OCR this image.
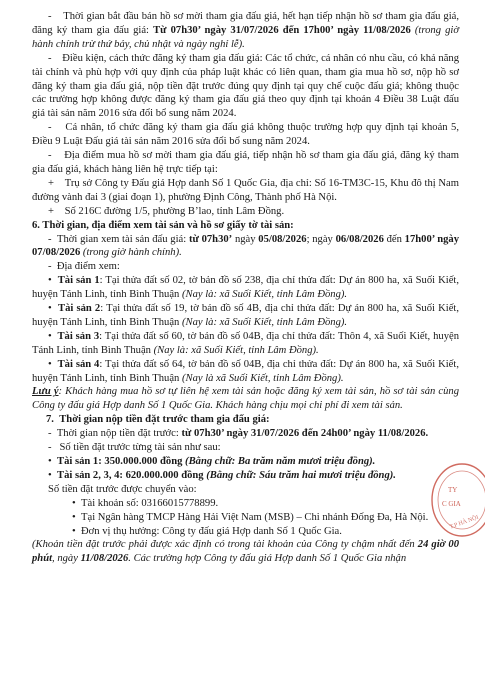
-    Thời gian bắt đầu bán hồ sơ mời tham gia đấu giá, hết hạn tiếp nhận hồ sơ tham gia đấu giá, đăng ký tham gia đấu giá: Từ 07h30’ ngày 31/07/2026 đến 17h00’ ngày 11/08/2026 (trong giờ hành chính trừ thứ bảy, chủ nhật và ngày nghỉ lễ).

-    Điều kiện, cách thức đăng ký tham gia đấu giá: Các tổ chức, cá nhân có nhu cầu, có khả năng tài chính và phù hợp với quy định của pháp luật khác có liên quan, tham gia mua hồ sơ, nộp hồ sơ đăng ký tham gia đấu giá, nộp tiền đặt trước đúng quy định tại quy chế cuộc đấu giá; không thuộc các trường hợp không được đăng ký tham gia đấu giá theo quy định tại khoản 4 Điều 38 Luật đấu giá tài sản năm 2016 sửa đổi bổ sung năm 2024.

-    Cá nhân, tổ chức đăng ký tham gia đấu giá không thuộc trường hợp quy định tại khoản 5, Điều 9 Luật Đấu giá tài sản năm 2016 sửa đổi bổ sung năm 2024.

-    Địa điểm mua hồ sơ mời tham gia đấu giá, tiếp nhận hồ sơ tham gia đấu giá, đăng ký tham gia đấu giá, khách hàng liên hệ trực tiếp tại:

+    Trụ sở Công ty Đấu giá Hợp danh Số 1 Quốc Gia, địa chỉ: Số 16-TM3C-15, Khu đô thị Nam đường vành đai 3 (giai đoạn 1), phường Định Công, Thành phố Hà Nội.

+    Số 216C đường 1/5, phường B’lao, tỉnh Lâm Đồng.

6. Thời gian, địa điểm xem tài sản và hồ sơ giấy tờ tài sản:

-  Thời gian xem tài sản đấu giá: từ 07h30’ ngày 05/08/2026; ngày 06/08/2026 đến 17h00’ ngày 07/08/2026 (trong giờ hành chính).

-  Địa điểm xem:

•  Tài sản 1: Tại thửa đất số 02, tờ bản đồ số 238, địa chỉ thửa đất: Dự án 800 ha, xã Suối Kiết, huyện Tánh Linh, tỉnh Bình Thuận (Nay là: xã Suối Kiết, tỉnh Lâm Đồng).

•  Tài sản 2: Tại thửa đất số 19, tờ bản đồ số 4B, địa chỉ thửa đất: Dự án 800 ha, xã Suối Kiết, huyện Tánh Linh, tỉnh Bình Thuận (Nay là: xã Suối Kiết, tỉnh Lâm Đồng).

•  Tài sản 3: Tại thửa đất số 60, tờ bản đồ số 04B, địa chỉ thửa đất: Thôn 4, xã Suối Kiết, huyện Tánh Linh, tỉnh Bình Thuận (Nay là: xã Suối Kiết, tỉnh Lâm Đồng).

•  Tài sản 4: Tại thửa đất số 64, tờ bản đồ số 04B, địa chỉ thửa đất: Dự án 800 ha, xã Suối Kiết, huyện Tánh Linh, tỉnh Bình Thuận (Nay là xã Suối Kiết, tỉnh Lâm Đồng).

Lưu ý: Khách hàng mua hồ sơ tự liên hệ xem tài sản hoặc đăng ký xem tài sản, hồ sơ tài sản cùng Công ty đấu giá Hợp danh Số 1 Quốc Gia. Khách hàng chịu mọi chi phí đi xem tài sản.

7.  Thời gian nộp tiền đặt trước tham gia đấu giá:

-  Thời gian nộp tiền đặt trước: từ 07h30’ ngày 31/07/2026 đến 24h00’ ngày 11/08/2026.

-   Số tiền đặt trước từng tài sản như sau:

•  Tài sản 1: 350.000.000 đồng (Bằng chữ: Ba trăm năm mươi triệu đồng).

•  Tài sản 2, 3, 4: 620.000.000 đồng (Bằng chữ: Sáu trăm hai mươi triệu đồng).

Số tiền đặt trước được chuyển vào:

•  Tài khoản số: 03166015778899.

•  Tại Ngân hàng TMCP Hàng Hải Việt Nam (MSB) – Chi nhánh Đống Đa, Hà Nội.

•  Đơn vị thụ hưởng: Công ty đấu giá Hợp danh Số 1 Quốc Gia.

(Khoản tiền đặt trước phải được xác định có trong tài khoản của Công ty chậm nhất đến 24 giờ 00 phút, ngày 11/08/2026. Các trường hợp Công ty đấu giá Hợp danh Số 1 Quốc Gia nhận

TY
C GIA
T.P HÀ NỘI
